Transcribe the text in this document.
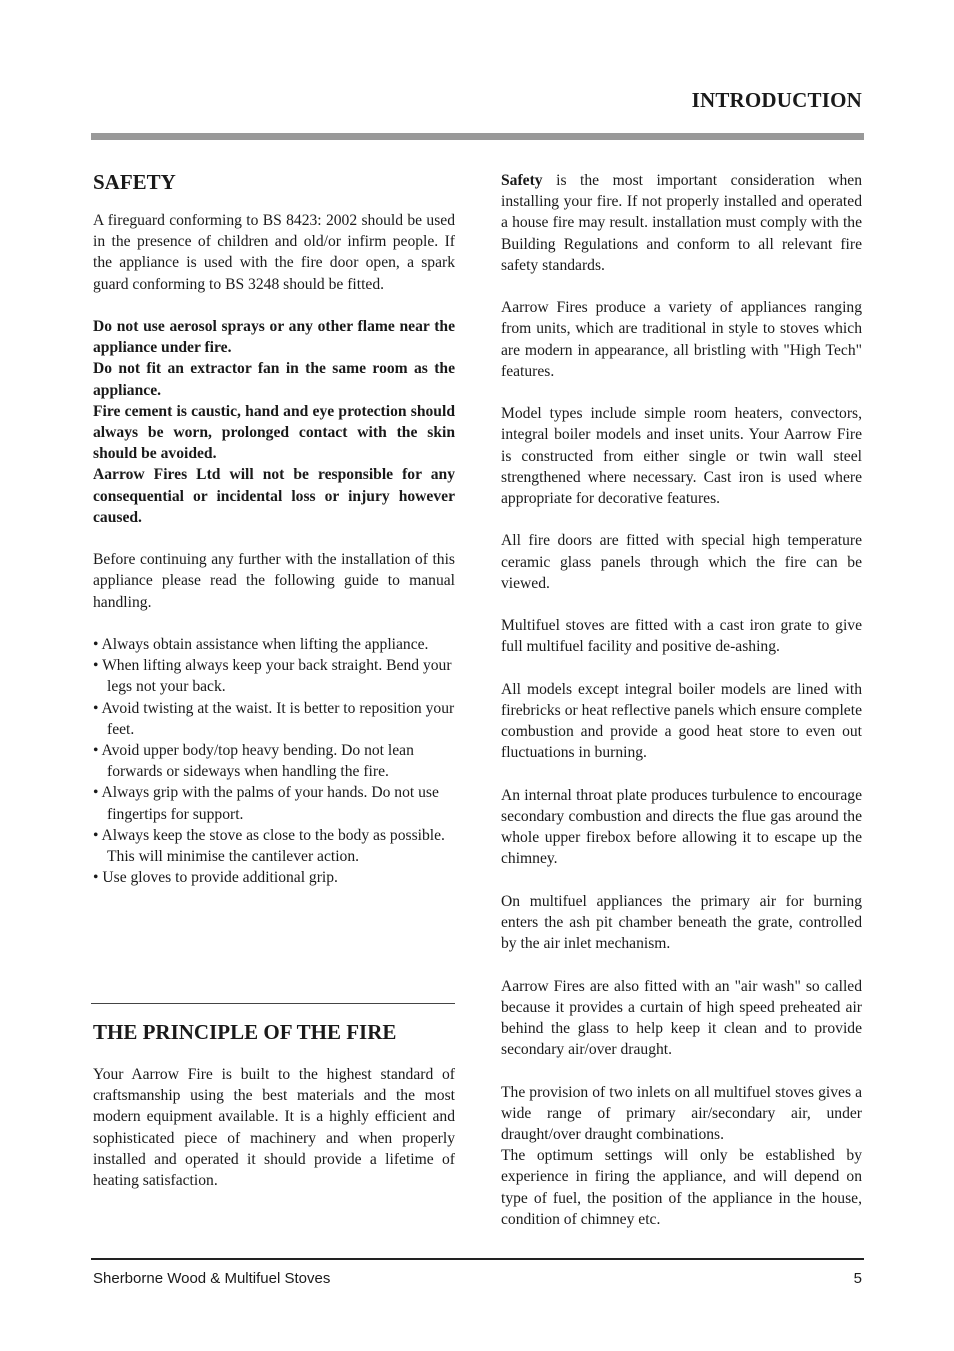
INTRODUCTION
SAFETY

A fireguard conforming to BS 8423: 2002 should be used in the presence of children and old/or infirm people. If the appliance is used with the fire door open, a spark guard conforming to BS 3248 should be fitted.

Do not use aerosol sprays or any other flame near the appliance under fire.

Do not fit an extractor fan in the same room as the appliance.

Fire cement is caustic, hand and eye protection should always be worn, prolonged contact with the skin should be avoided.

Aarrow Fires Ltd will not be responsible for any consequential or incidental loss or injury however caused.

Before continuing any further with the installation of this appliance please read the following guide to manual handling.

• Always obtain assistance when lifting the appliance.
• When lifting always keep your back straight. Bend your legs not your back.
• Avoid twisting at the waist. It is better to reposition your feet.
• Avoid upper body/top heavy bending. Do not lean forwards or sideways when handling the fire.
• Always grip with the palms of your hands. Do not use fingertips for support.
• Always keep the stove as close to the body as possible. This will minimise the cantilever action.
• Use gloves to provide additional grip.
THE PRINCIPLE OF THE FIRE

Your Aarrow Fire is built to the highest standard of craftsmanship using the best materials and the most modern equipment available. It is a highly efficient and sophisticated piece of machinery and when properly installed and operated it should provide a lifetime of heating satisfaction.

Safety is the most important consideration when installing your fire. If not properly installed and operated a house fire may result. installation must comply with the Building Regulations and conform to all relevant fire safety standards.

Aarrow Fires produce a variety of appliances ranging from units, which are traditional in style to stoves which are modern in appearance, all bristling with "High Tech" features.

Model types include simple room heaters, convectors, integral boiler models and inset units. Your Aarrow Fire is constructed from either single or twin wall steel strengthened where necessary. Cast iron is used where appropriate for decorative features.

All fire doors are fitted with special high temperature ceramic glass panels through which the fire can be viewed.

Multifuel stoves are fitted with a cast iron grate to give full multifuel facility and positive de-ashing.

All models except integral boiler models are lined with firebricks or heat reflective panels which ensure complete combustion and provide a good heat store to even out fluctuations in burning.

An internal throat plate produces turbulence to encourage secondary combustion and directs the flue gas around the whole upper firebox before allowing it to escape up the chimney.

On multifuel appliances the primary air for burning enters the ash pit chamber beneath the grate, controlled by the air inlet mechanism.

Aarrow Fires are also fitted with an "air wash" so called because it provides a curtain of high speed preheated air behind the glass to help keep it clean and to provide secondary air/over draught.

The provision of two inlets on all multifuel stoves gives a wide range of primary air/secondary air, under draught/over draught combinations.

The optimum settings will only be established by experience in firing the appliance, and will depend on type of fuel, the position of the appliance in the house, condition of chimney etc.

Sherborne Wood & Multifuel Stoves	5
